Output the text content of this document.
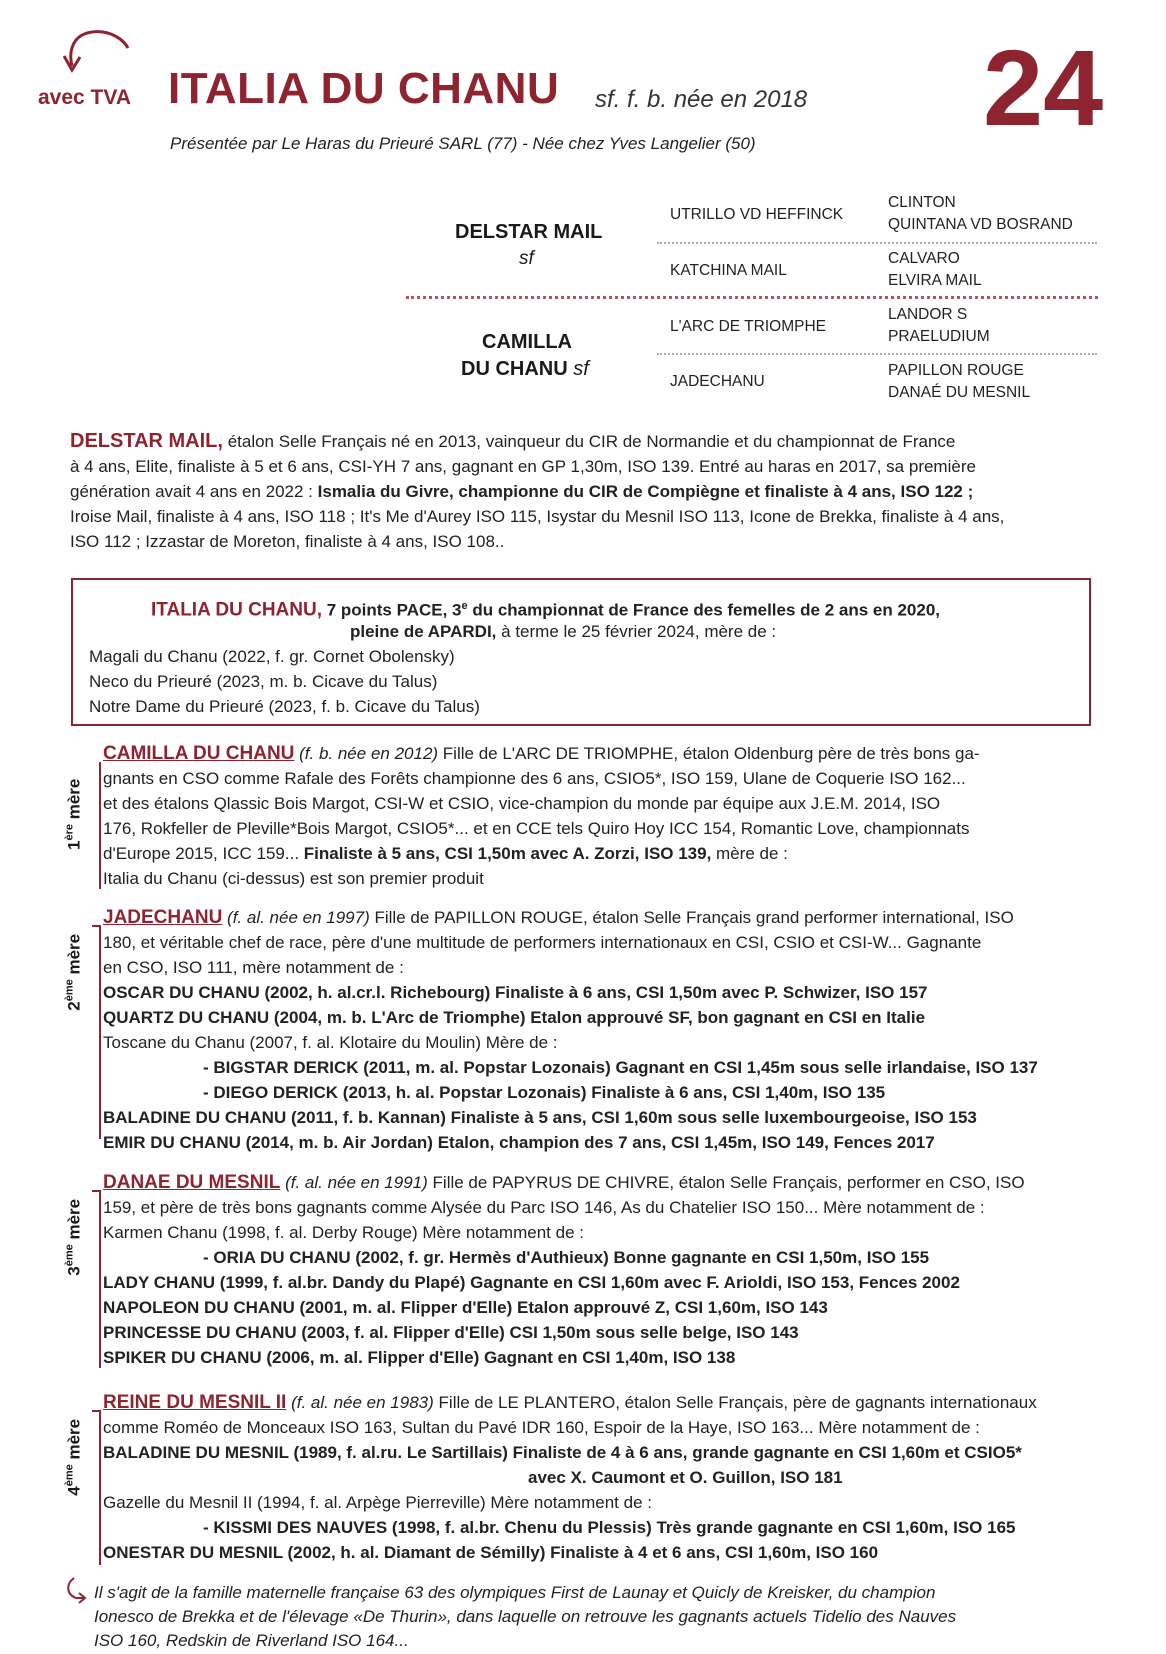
avec TVA ITALIA DU CHANU sf. f. b. née en 2018 24
Présentée par Le Haras du Prieuré SARL (77) - Née chez Yves Langelier (50)
DELSTAR MAIL
sf
CAMILLA
DU CHANU sf
UTRILLO VD HEFFINCK
KATCHINA MAIL
L'ARC DE TRIOMPHE
JADECHANU
CLINTON
QUINTANA VD BOSRAND
CALVARO
ELVIRA MAIL
LANDOR S
PRAELUDIUM
PAPILLON ROUGE
DANAÉ DU MESNIL
DELSTAR MAIL, étalon Selle Français né en 2013, vainqueur du CIR de Normandie et du championnat de France
à 4 ans, Elite, finaliste à 5 et 6 ans, CSI-YH 7 ans, gagnant en GP 1,30m, ISO 139. Entré au haras en 2017, sa première
génération avait 4 ans en 2022 : Ismalia du Givre, championne du CIR de Compiègne et finaliste à 4 ans, ISO 122 ;
Iroise Mail, finaliste à 4 ans, ISO 118 ; It's Me d'Aurey ISO 115, Isystar du Mesnil ISO 113, Icone de Brekka, finaliste à 4 ans,
ISO 112 ; Izzastar de Moreton, finaliste à 4 ans, ISO 108..
ITALIA DU CHANU, 7 points PACE, 3e du championnat de France des femelles de 2 ans en 2020,
pleine de APARDI, à terme le 25 février 2024, mère de :
Magali du Chanu (2022, f. gr. Cornet Obolensky)
Neco du Prieuré (2023, m. b. Cicave du Talus)
Notre Dame du Prieuré (2023, f. b. Cicave du Talus)
1ère mère
CAMILLA DU CHANU (f. b. née en 2012) Fille de L'ARC DE TRIOMPHE, étalon Oldenburg père de très bons ga-
gnants en CSO comme Rafale des Forêts championne des 6 ans, CSIO5*, ISO 159, Ulane de Coquerie ISO 162...
et des étalons Qlassic Bois Margot, CSI-W et CSIO, vice-champion du monde par équipe aux J.E.M. 2014, ISO
176, Rokfeller de Pleville*Bois Margot, CSIO5*... et en CCE tels Quiro Hoy ICC 154, Romantic Love, championnats
d'Europe 2015, ICC 159... Finaliste à 5 ans, CSI 1,50m avec A. Zorzi, ISO 139, mère de :
Italia du Chanu (ci-dessus) est son premier produit
2ème mère
JADECHANU (f. al. née en 1997) Fille de PAPILLON ROUGE, étalon Selle Français grand performer international, ISO
180, et véritable chef de race, père d'une multitude de performers internationaux en CSI, CSIO et CSI-W... Gagnante
en CSO, ISO 111, mère notamment de :
OSCAR DU CHANU (2002, h. al.cr.l. Richebourg) Finaliste à 6 ans, CSI 1,50m avec P. Schwizer, ISO 157
QUARTZ DU CHANU (2004, m. b. L'Arc de Triomphe) Etalon approuvé SF, bon gagnant en CSI en Italie
Toscane du Chanu (2007, f. al. Klotaire du Moulin) Mère de :
- BIGSTAR DERICK (2011, m. al. Popstar Lozonais) Gagnant en CSI 1,45m sous selle irlandaise, ISO 137
- DIEGO DERICK (2013, h. al. Popstar Lozonais) Finaliste à 6 ans, CSI 1,40m, ISO 135
BALADINE DU CHANU (2011, f. b. Kannan) Finaliste à 5 ans, CSI 1,60m sous selle luxembourgeoise, ISO 153
EMIR DU CHANU (2014, m. b. Air Jordan) Etalon, champion des 7 ans, CSI 1,45m, ISO 149, Fences 2017
3ème mère
DANAE DU MESNIL (f. al. née en 1991) Fille de PAPYRUS DE CHIVRE, étalon Selle Français, performer en CSO, ISO
159, et père de très bons gagnants comme Alysée du Parc ISO 146, As du Chatelier ISO 150... Mère notamment de :
Karmen Chanu (1998, f. al. Derby Rouge) Mère notamment de :
- ORIA DU CHANU (2002, f. gr. Hermès d'Authieux) Bonne gagnante en CSI 1,50m, ISO 155
LADY CHANU (1999, f. al.br. Dandy du Plapé) Gagnante en CSI 1,60m avec F. Arioldi, ISO 153, Fences 2002
NAPOLEON DU CHANU (2001, m. al. Flipper d'Elle) Etalon approuvé Z, CSI 1,60m, ISO 143
PRINCESSE DU CHANU (2003, f. al. Flipper d'Elle) CSI 1,50m sous selle belge, ISO 143
SPIKER DU CHANU (2006, m. al. Flipper d'Elle) Gagnant en CSI 1,40m, ISO 138
4ème mère
REINE DU MESNIL II (f. al. née en 1983) Fille de LE PLANTERO, étalon Selle Français, père de gagnants internationaux
comme Roméo de Monceaux ISO 163, Sultan du Pavé IDR 160, Espoir de la Haye, ISO 163... Mère notamment de :
BALADINE DU MESNIL (1989, f. al.ru. Le Sartillais) Finaliste de 4 à 6 ans, grande gagnante en CSI 1,60m et CSIO5*
avec X. Caumont et O. Guillon, ISO 181
Gazelle du Mesnil II (1994, f. al. Arpège Pierreville) Mère notamment de :
- KISSMI DES NAUVES (1998, f. al.br. Chenu du Plessis) Très grande gagnante en CSI 1,60m, ISO 165
ONESTAR DU MESNIL (2002, h. al. Diamant de Sémilly) Finaliste à 4 et 6 ans, CSI 1,60m, ISO 160
Il s'agit de la famille maternelle française 63 des olympiques First de Launay et Quicly de Kreisker, du champion
Ionesco de Brekka et de l'élevage «De Thurin», dans laquelle on retrouve les gagnants actuels Tidelio des Nauves
ISO 160, Redskin de Riverland ISO 164...
